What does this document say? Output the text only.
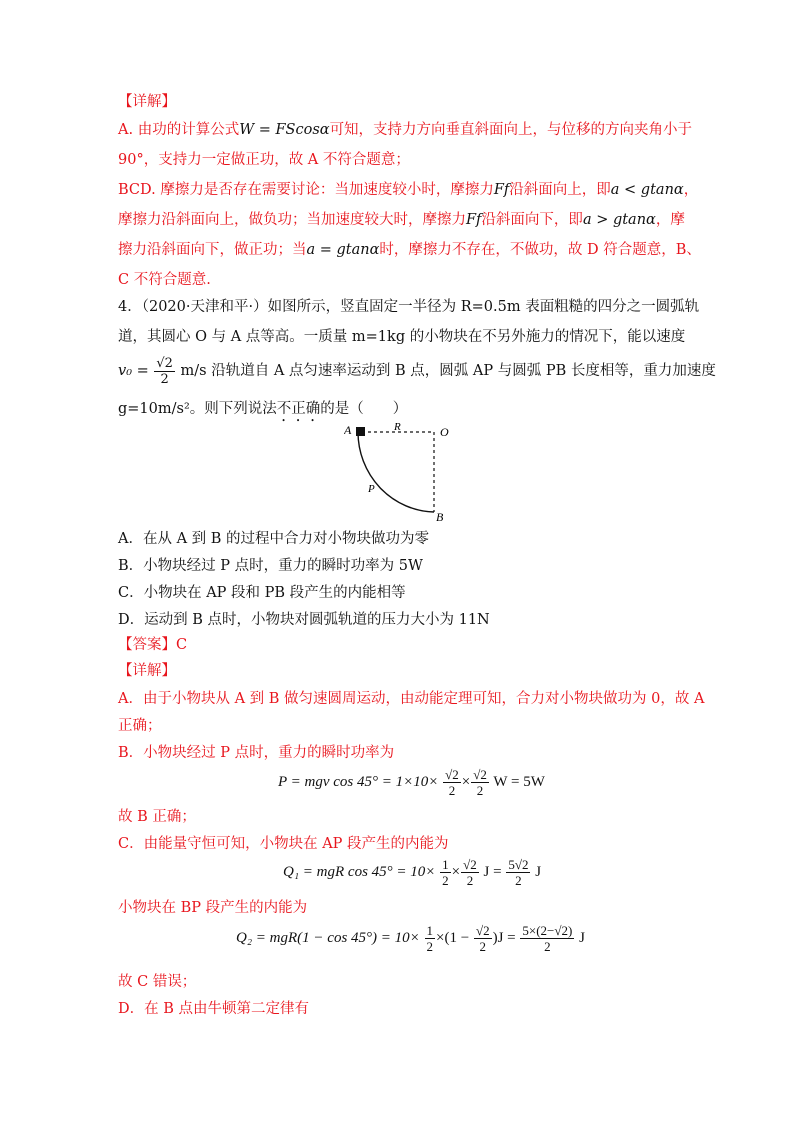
【详解】
A. 由功的计算公式W = FScosα可知，支持力方向垂直斜面向上，与位移的方向夹角小于
90°，支持力一定做正功，故 A 不符合题意；
BCD. 摩擦力是否存在需要讨论：当加速度较小时，摩擦力Ff沿斜面向上，即a < gtanα，
摩擦力沿斜面向上，做负功；当加速度较大时，摩擦力Ff沿斜面向下，即a > gtanα，摩
擦力沿斜面向下，做正功；当a = gtanα时，摩擦力不存在，不做功，故 D 符合题意，B、
C 不符合题意.
4．（2020·天津和平·）如图所示，竖直固定一半径为 R=0.5m 表面粗糙的四分之一圆弧轨
道，其圆心 O 与 A 点等高。一质量 m=1kg 的小物块在不另外施力的情况下，能以速度
$v_0 = \frac{√2}{2} m/s$ 沿轨道自 A 点匀速率运动到 B 点，圆弧 AP 与圆弧 PB 长度相等，重力加速度
g=10m/s²。则下列说法不正确的是（　　）
A	R	O
P
B
A．在从 A 到 B 的过程中合力对小物块做功为零
B．小物块经过 P 点时，重力的瞬时功率为 5W
C．小物块在 AP 段和 PB 段产生的内能相等
D．运动到 B 点时，小物块对圆弧轨道的压力大小为 11N
【答案】C
【详解】
A．由于小物块从 A 到 B 做匀速圆周运动，由动能定理可知，合力对小物块做功为 0，故 A
正确；
B．小物块经过 P 点时，重力的瞬时功率为
P = mgv $\cos 45^\circ = 1\times 10\times \frac{√2}{2} \times \frac{√2}{2}$ W = 5W
故 B 正确；
C．由能量守恒可知，小物块在 AP 段产生的内能为
Q₁ = mgR $\cos 45^\circ = 10\times \frac{1}{2} \times \frac{√2}{2}$ $J = \frac{5√2}{2}$ J
小物块在 BP 段产生的内能为
$Q_2 = mgR(1 - \cos 45^\circ) = 10\times \frac{1}{2} \times(1 - \frac{√2}{2} )J = \frac{5\times(2-√2)}{2}$ J
故 C 错误；
D．在 B 点由牛顿第二定律有
